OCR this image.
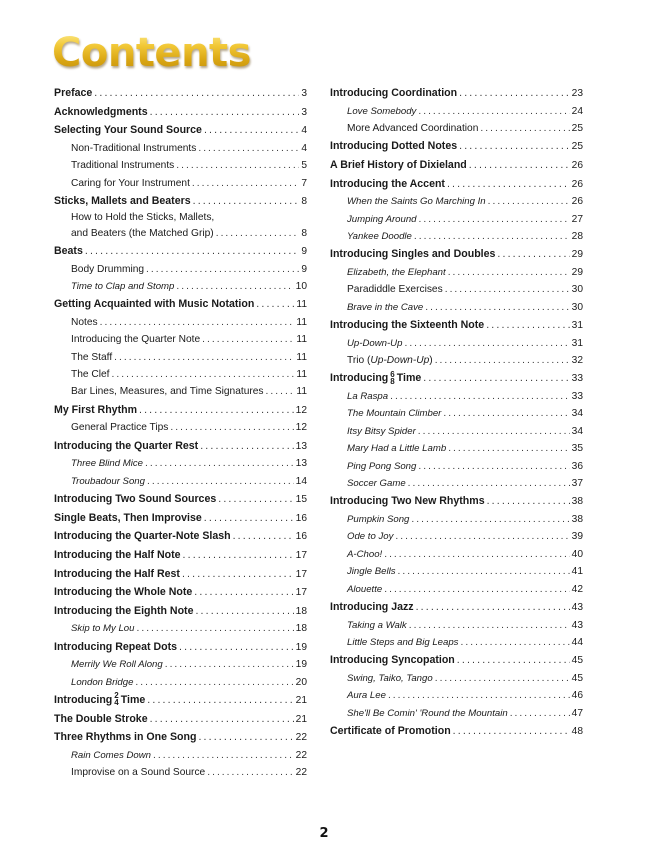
Contents
Preface . . .	3
Acknowledgments . . .	3
Selecting Your Sound Source . . .	4
Non-Traditional Instruments . . .	4
Traditional Instruments . . .	5
Caring for Your Instrument . . .	7
Sticks, Mallets and Beaters . . .	8
How to Hold the Sticks, Mallets,
and Beaters (the Matched Grip) . . .	8
Beats . . .	9
Body Drumming . . .	9
Time to Clap and Stomp . . .	10
Getting Acquainted with Music Notation . . .	11
Notes . . .	11
Introducing the Quarter Note . . .	11
The Staff . . .	11
The Clef . . .	11
Bar Lines, Measures, and Time Signatures . . .	11
My First Rhythm . . .	12
General Practice Tips . . .	12
Introducing the Quarter Rest . . .	13
Three Blind Mice . . .	13
Troubadour Song . . .	14
Introducing Two Sound Sources . . .	15
Single Beats, Then Improvise . . .	16
Introducing the Quarter-Note Slash . . .	16
Introducing the Half Note . . .	17
Introducing the Half Rest . . .	17
Introducing the Whole Note . . .	17
Introducing the Eighth Note . . .	18
Skip to My Lou . . .	18
Introducing Repeat Dots . . .	19
Merrily We Roll Along . . .	19
London Bridge . . .	20
Introducing 2
4 Time . . .	21
The Double Stroke . . .	21
Three Rhythms in One Song . . .	22
Rain Comes Down . . .	22
Improvise on a Sound Source . . .	22
Introducing Coordination . . .	23
Love Somebody . . .	24
More Advanced Coordination . . .	25
Introducing Dotted Notes . . .	25
A Brief History of Dixieland . . .	26
Introducing the Accent . . .	26
When the Saints Go Marching In . . .	26
Jumping Around . . .	27
Yankee Doodle . . .	28
Introducing Singles and Doubles . . .	29
Elizabeth, the Elephant . . .	29
Paradiddle Exercises . . .	30
Brave in the Cave . . .	30
Introducing the Sixteenth Note . . .	31
Up-Down-Up . . .	31
Trio (Up-Down-Up) . . .	32
Introducing 6
8 Time . . .	33
La Raspa . . .	33
The Mountain Climber . . .	34
Itsy Bitsy Spider . . .	34
Mary Had a Little Lamb . . .	35
Ping Pong Song . . .	36
Soccer Game . . .	37
Introducing Two New Rhythms . . .	38
Pumpkin Song . . .	38
Ode to Joy . . .	39
A-Choo! . . .	40
Jingle Bells . . .	41
Alouette . . .	42
Introducing Jazz . . .	43
Taking a Walk . . .	43
Little Steps and Big Leaps . . .	44
Introducing Syncopation . . .	45
Swing, Taiko, Tango . . .	45
Aura Lee . . .	46
She'll Be Comin' 'Round the Mountain . . .	47
Certificate of Promotion . . .	48
2
